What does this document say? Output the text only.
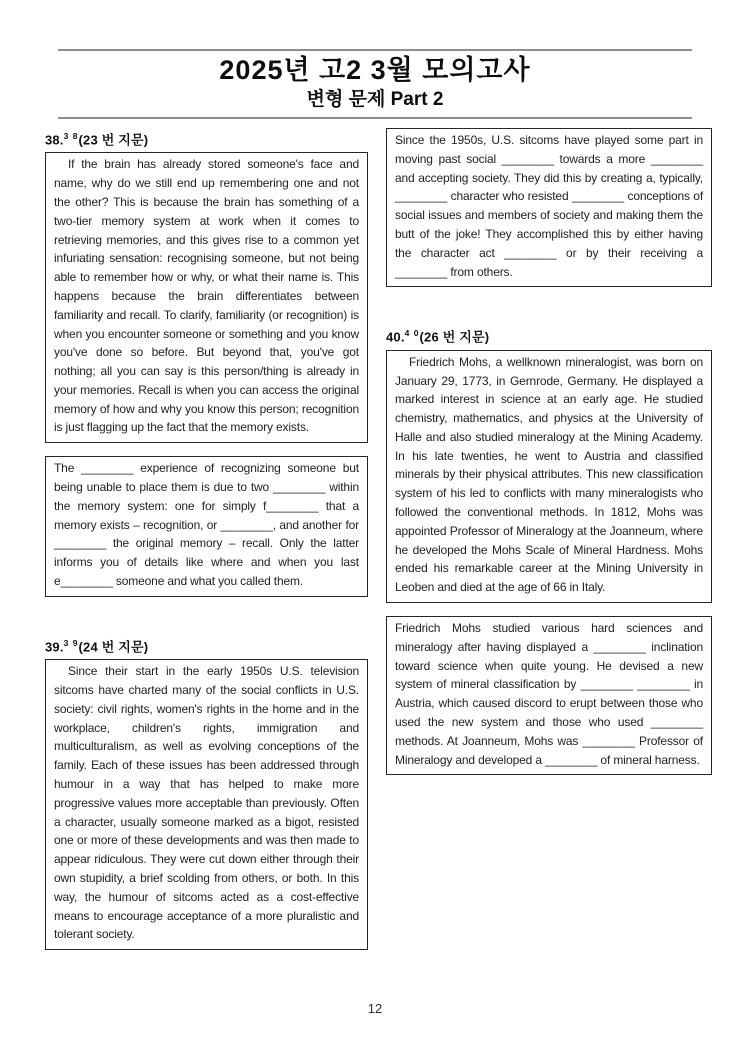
2025년 고2 3월 모의고사
변형 문제 Part 2
38.$^{3 8}$(23 번 지문)

If the brain has already stored someone's face and name, why do we still end up remembering one and not the other? This is because the brain has something of a two-tier memory system at work when it comes to retrieving memories, and this gives rise to a common yet infuriating sensation: recognising someone, but not being able to remember how or why, or what their name is. This happens because the brain differentiates between familiarity and recall. To clarify, familiarity (or recognition) is when you encounter someone or something and you know you've done so before. But beyond that, you've got nothing; all you can say is this person/thing is already in your memories. Recall is when you can access the original memory of how and why you know this person; recognition is just flagging up the fact that the memory exists.

The ________ experience of recognizing someone but being unable to place them is due to two ________ within the memory system: one for simply f________ that a memory exists – recognition, or ________, and another for ________ the original memory – recall. Only the latter informs you of details like where and when you last e________ someone and what you called them.

39.$^{3 9}$(24 번 지문)

Since their start in the early 1950s U.S. television sitcoms have charted many of the social conflicts in U.S. society: civil rights, women's rights in the home and in the workplace, children's rights, immigration and multiculturalism, as well as evolving conceptions of the family. Each of these issues has been addressed through humour in a way that has helped to make more progressive values more acceptable than previously. Often a character, usually someone marked as a bigot, resisted one or more of these developments and was then made to appear ridiculous. They were cut down either through their own stupidity, a brief scolding from others, or both. In this way, the humour of sitcoms acted as a cost-effective means to encourage acceptance of a more pluralistic and tolerant society.

Since the 1950s, U.S. sitcoms have played some part in moving past social ________ towards a more ________ and accepting society. They did this by creating a, typically, ________ character who resisted ________ conceptions of social issues and members of society and making them the butt of the joke! They accomplished this by either having the character act ________ or by their receiving a ________ from others.

40.$^{4 0}$(26 번 지문)

Friedrich Mohs, a wellknown mineralogist, was born on January 29, 1773, in Gernrode, Germany. He displayed a marked interest in science at an early age. He studied chemistry, mathematics, and physics at the University of Halle and also studied mineralogy at the Mining Academy. In his late twenties, he went to Austria and classified minerals by their physical attributes. This new classification system of his led to conflicts with many mineralogists who followed the conventional methods. In 1812, Mohs was appointed Professor of Mineralogy at the Joanneum, where he developed the Mohs Scale of Mineral Hardness. Mohs ended his remarkable career at the Mining University in Leoben and died at the age of 66 in Italy.

Friedrich Mohs studied various hard sciences and mineralogy after having displayed a ________ inclination toward science when quite young. He devised a new system of mineral classification by ________ ________ in Austria, which caused discord to erupt between those who used the new system and those who used ________ methods. At Joanneum, Mohs was ________ Professor of Mineralogy and developed a ________ of mineral harness.

12
